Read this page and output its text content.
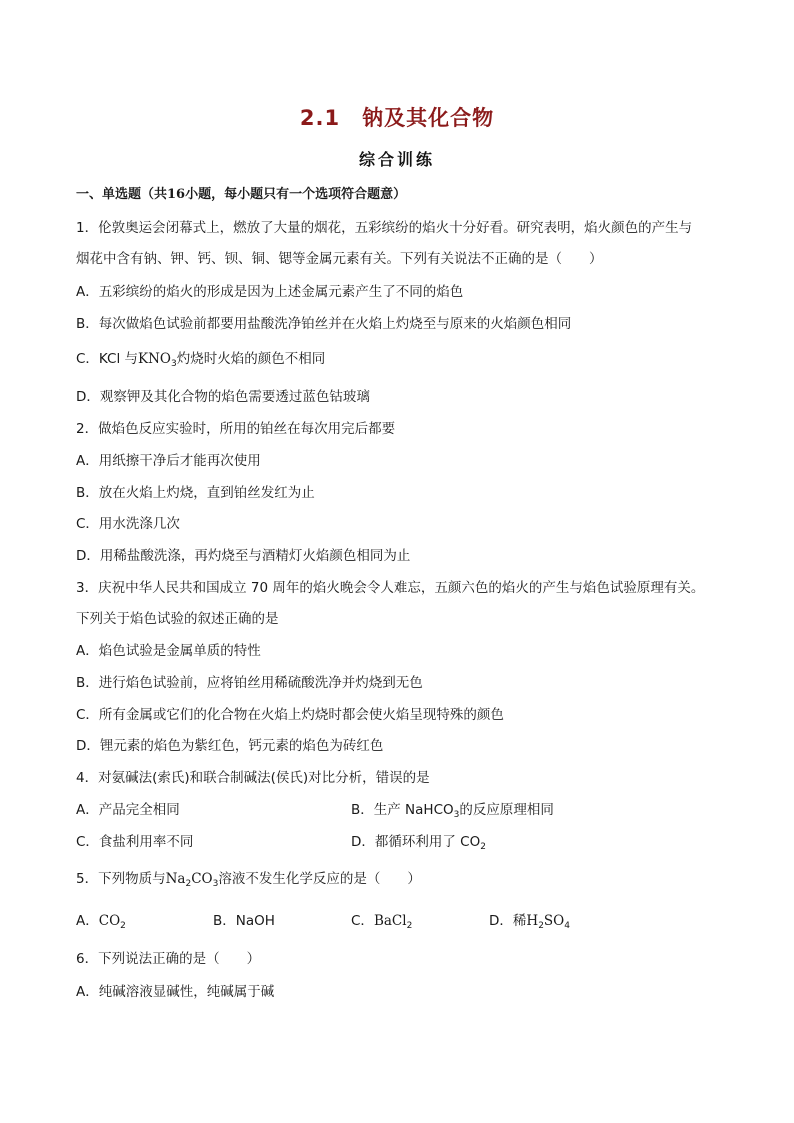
2.1 钠及其化合物
综合训练
一、单选题（共16小题，每小题只有一个选项符合题意）
1．伦敦奥运会闭幕式上，燃放了大量的烟花，五彩缤纷的焰火十分好看。研究表明，焰火颜色的产生与
烟花中含有钠、钾、钙、钡、铜、锶等金属元素有关。下列有关说法不正确的是（　　）
A．五彩缤纷的焰火的形成是因为上述金属元素产生了不同的焰色
B．每次做焰色试验前都要用盐酸洗净铂丝并在火焰上灼烧至与原来的火焰颜色相同
C．KCl 与$KNO_3$灼烧时火焰的颜色不相同
D．观察钾及其化合物的焰色需要透过蓝色钴玻璃
2．做焰色反应实验时，所用的铂丝在每次用完后都要
A．用纸擦干净后才能再次使用
B．放在火焰上灼烧，直到铂丝发红为止
C．用水洗涤几次
D．用稀盐酸洗涤，再灼烧至与酒精灯火焰颜色相同为止
3．庆祝中华人民共和国成立 70 周年的焰火晚会令人难忘，五颜六色的焰火的产生与焰色试验原理有关。
下列关于焰色试验的叙述正确的是
A．焰色试验是金属单质的特性
B．进行焰色试验前，应将铂丝用稀硫酸洗净并灼烧到无色
C．所有金属或它们的化合物在火焰上灼烧时都会使火焰呈现特殊的颜色
D．锂元素的焰色为紫红色，钙元素的焰色为砖红色
4．对氨碱法(索氏)和联合制碱法(侯氏)对比分析，错误的是
A．产品完全相同	B．生产 NaHCO$_3$的反应原理相同
C．食盐利用率不同	D．都循环利用了 $CO_2$
5．下列物质与$Na_2CO_3$溶液不发生化学反应的是（　　）
A．$CO_2$	B．NaOH	C．BaCl$_2$	D．稀$H_2SO_4$
6．下列说法正确的是（　　）
A．纯碱溶液显碱性，纯碱属于碱
